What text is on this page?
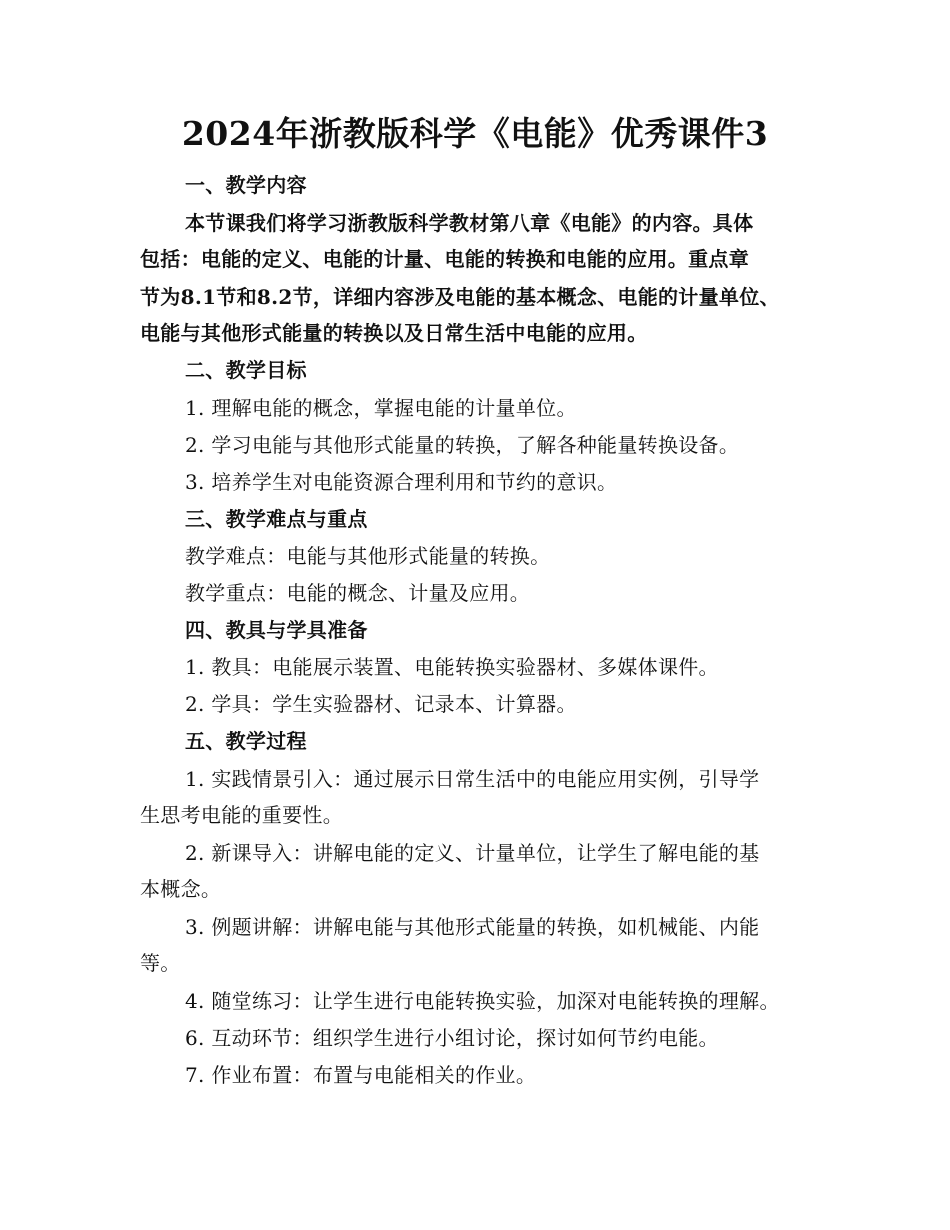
2024年浙教版科学《电能》优秀课件3
一、教学内容
本节课我们将学习浙教版科学教材第八章《电能》的内容。具体
包括：电能的定义、电能的计量、电能的转换和电能的应用。重点章
节为8.1节和8.2节，详细内容涉及电能的基本概念、电能的计量单位、
电能与其他形式能量的转换以及日常生活中电能的应用。
二、教学目标
1. 理解电能的概念，掌握电能的计量单位。
2. 学习电能与其他形式能量的转换，了解各种能量转换设备。
3. 培养学生对电能资源合理利用和节约的意识。
三、教学难点与重点
教学难点：电能与其他形式能量的转换。
教学重点：电能的概念、计量及应用。
四、教具与学具准备
1. 教具：电能展示装置、电能转换实验器材、多媒体课件。
2. 学具：学生实验器材、记录本、计算器。
五、教学过程
1. 实践情景引入：通过展示日常生活中的电能应用实例，引导学
生思考电能的重要性。
2. 新课导入：讲解电能的定义、计量单位，让学生了解电能的基
本概念。
3. 例题讲解：讲解电能与其他形式能量的转换，如机械能、内能
等。
4. 随堂练习：让学生进行电能转换实验，加深对电能转换的理解。
6. 互动环节：组织学生进行小组讨论，探讨如何节约电能。
7. 作业布置：布置与电能相关的作业。
